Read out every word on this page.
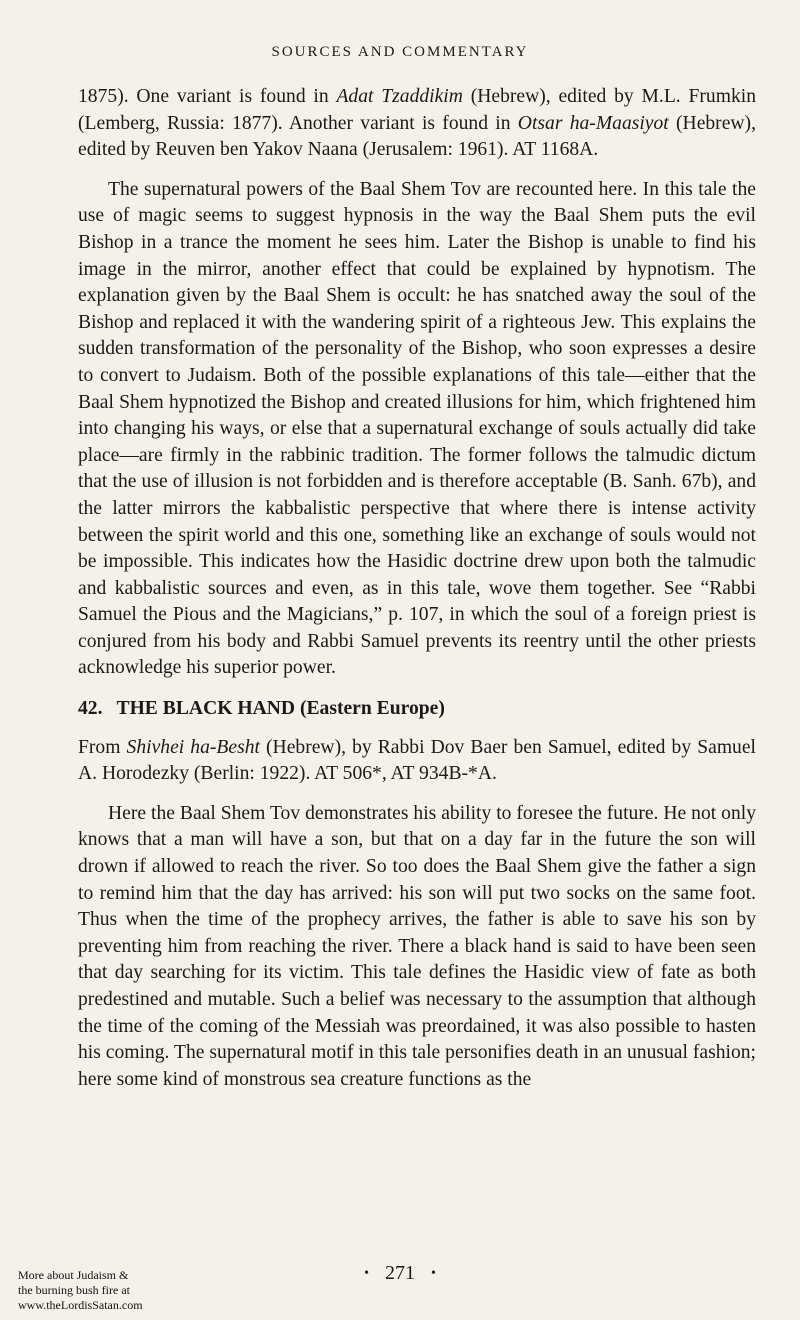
SOURCES AND COMMENTARY

1875). One variant is found in Adat Tzaddikim (Hebrew), edited by M.L. Frumkin (Lemberg, Russia: 1877). Another variant is found in Otsar ha-Maasiyot (Hebrew), edited by Reuven ben Yakov Naana (Jerusalem: 1961). AT 1168A.

The supernatural powers of the Baal Shem Tov are recounted here. In this tale the use of magic seems to suggest hypnosis in the way the Baal Shem puts the evil Bishop in a trance the moment he sees him. Later the Bishop is unable to find his image in the mirror, another effect that could be explained by hypnotism. The explanation given by the Baal Shem is occult: he has snatched away the soul of the Bishop and replaced it with the wandering spirit of a righteous Jew. This explains the sudden transformation of the personality of the Bishop, who soon expresses a desire to convert to Judaism. Both of the possible explanations of this tale—either that the Baal Shem hypnotized the Bishop and created illusions for him, which frightened him into changing his ways, or else that a supernatural exchange of souls actually did take place—are firmly in the rabbinic tradition. The former follows the talmudic dictum that the use of illusion is not forbidden and is therefore acceptable (B. Sanh. 67b), and the latter mirrors the kabbalistic perspective that where there is intense activity between the spirit world and this one, something like an exchange of souls would not be impossible. This indicates how the Hasidic doctrine drew upon both the talmudic and kabbalistic sources and even, as in this tale, wove them together. See “Rabbi Samuel the Pious and the Magicians,” p. 107, in which the soul of a foreign priest is conjured from his body and Rabbi Samuel prevents its reentry until the other priests acknowledge his superior power.

42. THE BLACK HAND (Eastern Europe)

From Shivhei ha-Besht (Hebrew), by Rabbi Dov Baer ben Samuel, edited by Samuel A. Horodezky (Berlin: 1922). AT 506*, AT 934B-*A.

Here the Baal Shem Tov demonstrates his ability to foresee the future. He not only knows that a man will have a son, but that on a day far in the future the son will drown if allowed to reach the river. So too does the Baal Shem give the father a sign to remind him that the day has arrived: his son will put two socks on the same foot. Thus when the time of the prophecy arrives, the father is able to save his son by preventing him from reaching the river. There a black hand is said to have been seen that day searching for its victim. This tale defines the Hasidic view of fate as both predestined and mutable. Such a belief was necessary to the assumption that although the time of the coming of the Messiah was preordained, it was also possible to hasten his coming. The supernatural motif in this tale personifies death in an unusual fashion; here some kind of monstrous sea creature functions as the

• 271 •
More about Judaism &
the burning bush fire at
www.theLordisSatan.com
